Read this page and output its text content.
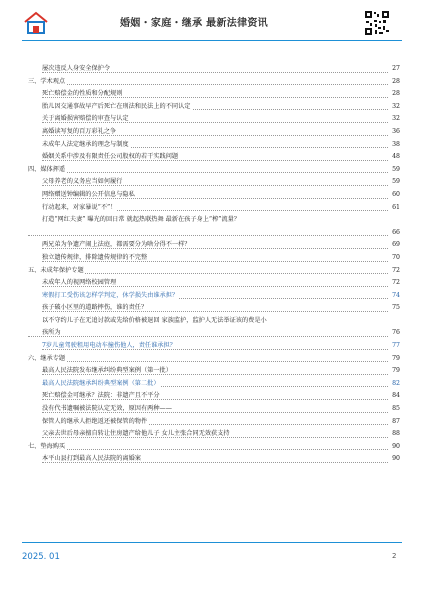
婚姻・家庭・继承 最新法律资讯
屡次违反人身安全保护令	27
三、学术观点	28
死亡赔偿金的性质和分配规则	28
胎儿因交通事故早产后死亡在刑法和民法上的不同认定	32
关于离婚损害赔偿的审查与认定	32
离婚读写复的百万彩礼之争	36
未成年人法定继承的理念与制度	38
婚姻关系中涉及有限责任公司股权的若干实践问题	48
四、媒体挥遥	59
父母养老的义务应当如何履行	59
网络赠送钟编辑的公开信息与隐私	60
行动起来，对家暴说“不”！	61
打造“网红夫妻” 曝光的回日常 就起热联热舞 最新在孩子身上“榨”流量？
66
两兄弟为争遗产闹上法庭，都需要分为啥分得不一样？	69
独立遗传规律，排除遗传规律的不完整	70
五、未成年保护专题	72
未成年人的视网络校园管理	72
寒假打工受伤该怎样学判定，休学损失由谁承担？	74
孩子破小区里的道路摔伤，谁的责任？	75
以不守约儿子在无追讨款或先给价格被退回 家族监护，监护人无法举证该的费是小
孩所为	76
7岁儿童驾驶租用电动车撞伤他人，责任谁承担？	77
六、继承专题	79
最高人民法院发布继承纠纷典型案例（第一批）	79
最高人民法院继承纠纷典型案例（第二批）	82
死亡赔偿金可继承？法院：非遗产且不平分	84
没有代书遗嘱被法院认定无效，原因有两种——	85
保管人的继承人拒绝返还被保管的物件	87
父亲去世后母亲擅自转让住房遗产给他儿子 女儿主张合同无效获支持	88
七、垫海购买	90
本平山县打到最高人民法院的离婚案	90
2025. 01	2
